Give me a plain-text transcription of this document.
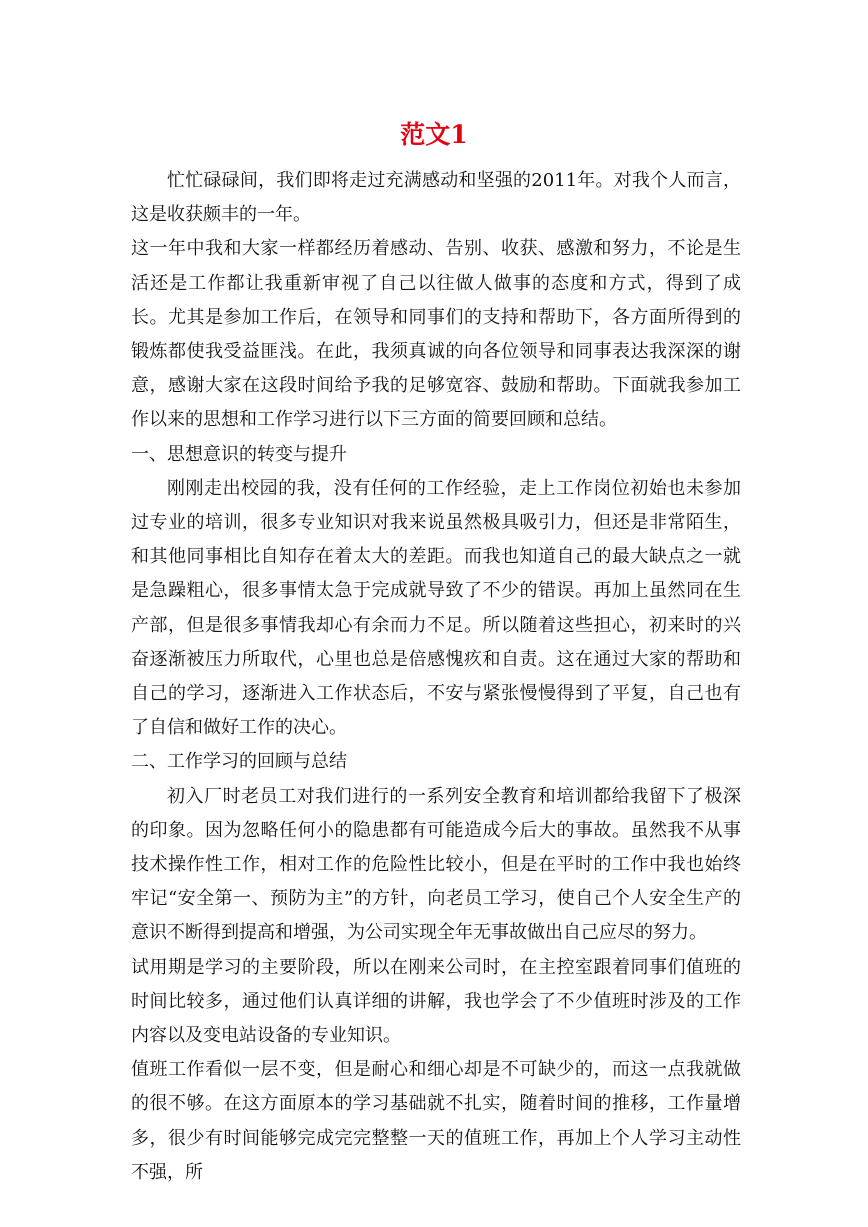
范文1

忙忙碌碌间，我们即将走过充满感动和坚强的2011年。对我个人而言，这是收获颇丰的一年。

这一年中我和大家一样都经历着感动、告别、收获、感激和努力，不论是生活还是工作都让我重新审视了自己以往做人做事的态度和方式，得到了成长。尤其是参加工作后，在领导和同事们的支持和帮助下，各方面所得到的锻炼都使我受益匪浅。在此，我须真诚的向各位领导和同事表达我深深的谢意，感谢大家在这段时间给予我的足够宽容、鼓励和帮助。下面就我参加工作以来的思想和工作学习进行以下三方面的简要回顾和总结。

一、思想意识的转变与提升

刚刚走出校园的我，没有任何的工作经验，走上工作岗位初始也未参加过专业的培训，很多专业知识对我来说虽然极具吸引力，但还是非常陌生，和其他同事相比自知存在着太大的差距。而我也知道自己的最大缺点之一就是急躁粗心，很多事情太急于完成就导致了不少的错误。再加上虽然同在生产部，但是很多事情我却心有余而力不足。所以随着这些担心，初来时的兴奋逐渐被压力所取代，心里也总是倍感愧疚和自责。这在通过大家的帮助和自己的学习，逐渐进入工作状态后，不安与紧张慢慢得到了平复，自己也有了自信和做好工作的决心。

二、工作学习的回顾与总结

初入厂时老员工对我们进行的一系列安全教育和培训都给我留下了极深的印象。因为忽略任何小的隐患都有可能造成今后大的事故。虽然我不从事技术操作性工作，相对工作的危险性比较小，但是在平时的工作中我也始终牢记“安全第一、预防为主”的方针，向老员工学习，使自己个人安全生产的意识不断得到提高和增强，为公司实现全年无事故做出自己应尽的努力。

试用期是学习的主要阶段，所以在刚来公司时，在主控室跟着同事们值班的时间比较多，通过他们认真详细的讲解，我也学会了不少值班时涉及的工作内容以及变电站设备的专业知识。

值班工作看似一层不变，但是耐心和细心却是不可缺少的，而这一点我就做的很不够。在这方面原本的学习基础就不扎实，随着时间的推移，工作量增多，很少有时间能够完成完完整整一天的值班工作，再加上个人学习主动性不强，所
